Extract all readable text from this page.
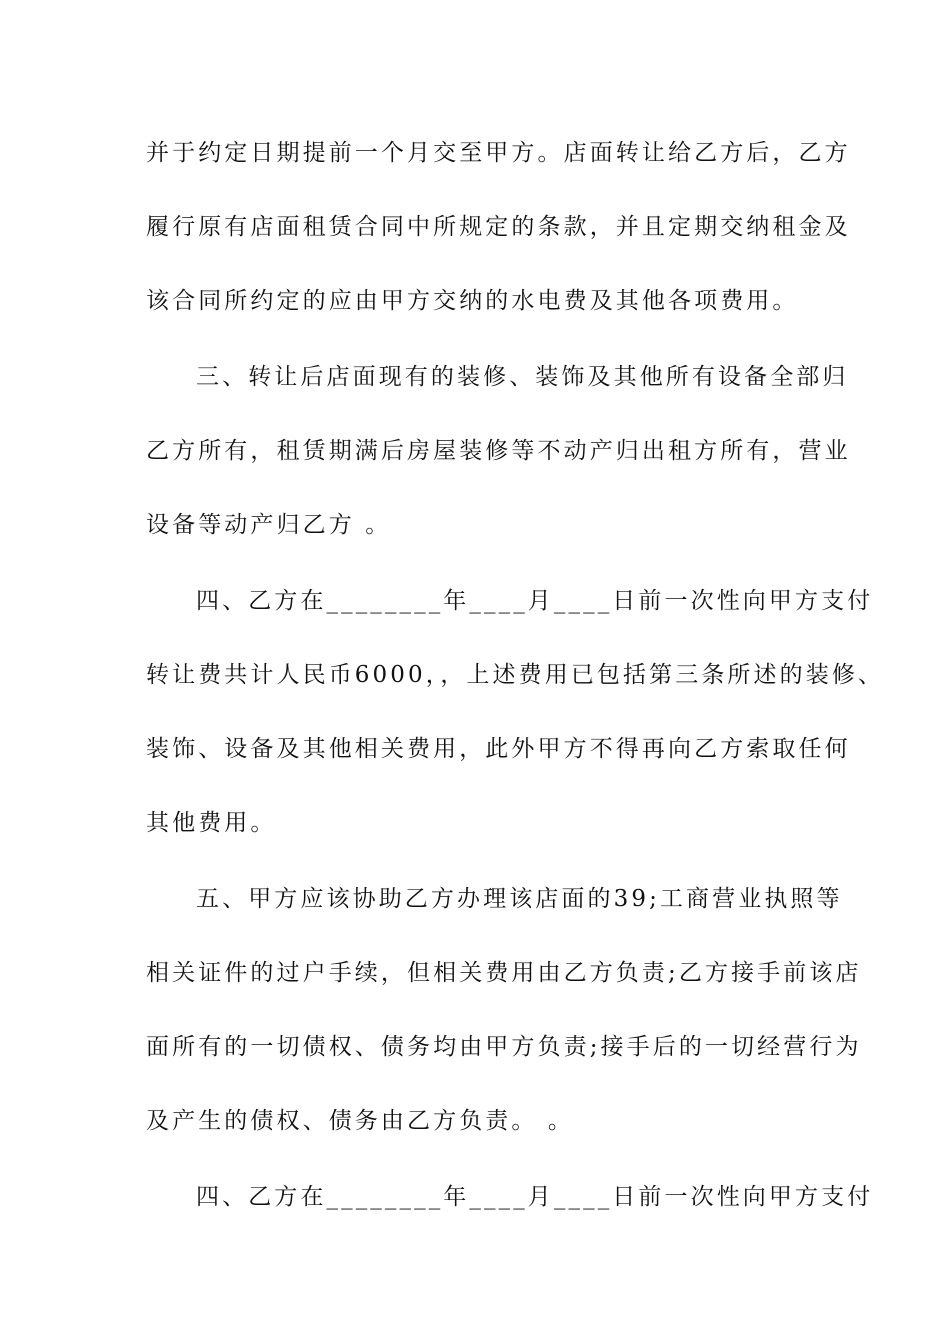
并于约定日期提前一个月交至甲方。店面转让给乙方后，乙方
履行原有店面租赁合同中所规定的条款，并且定期交纳租金及
该合同所约定的应由甲方交纳的水电费及其他各项费用。
三、转让后店面现有的装修、装饰及其他所有设备全部归
乙方所有，租赁期满后房屋装修等不动产归出租方所有，营业
设备等动产归乙方 。
四、乙方在________年____月____日前一次性向甲方支付
转让费共计人民币6000，，上述费用已包括第三条所述的装修、
装饰、设备及其他相关费用，此外甲方不得再向乙方索取任何
其他费用。
五、甲方应该协助乙方办理该店面的39;工商营业执照等
相关证件的过户手续，但相关费用由乙方负责;乙方接手前该店
面所有的一切债权、债务均由甲方负责;接手后的一切经营行为
及产生的债权、债务由乙方负责。 。
四、乙方在________年____月____日前一次性向甲方支付
